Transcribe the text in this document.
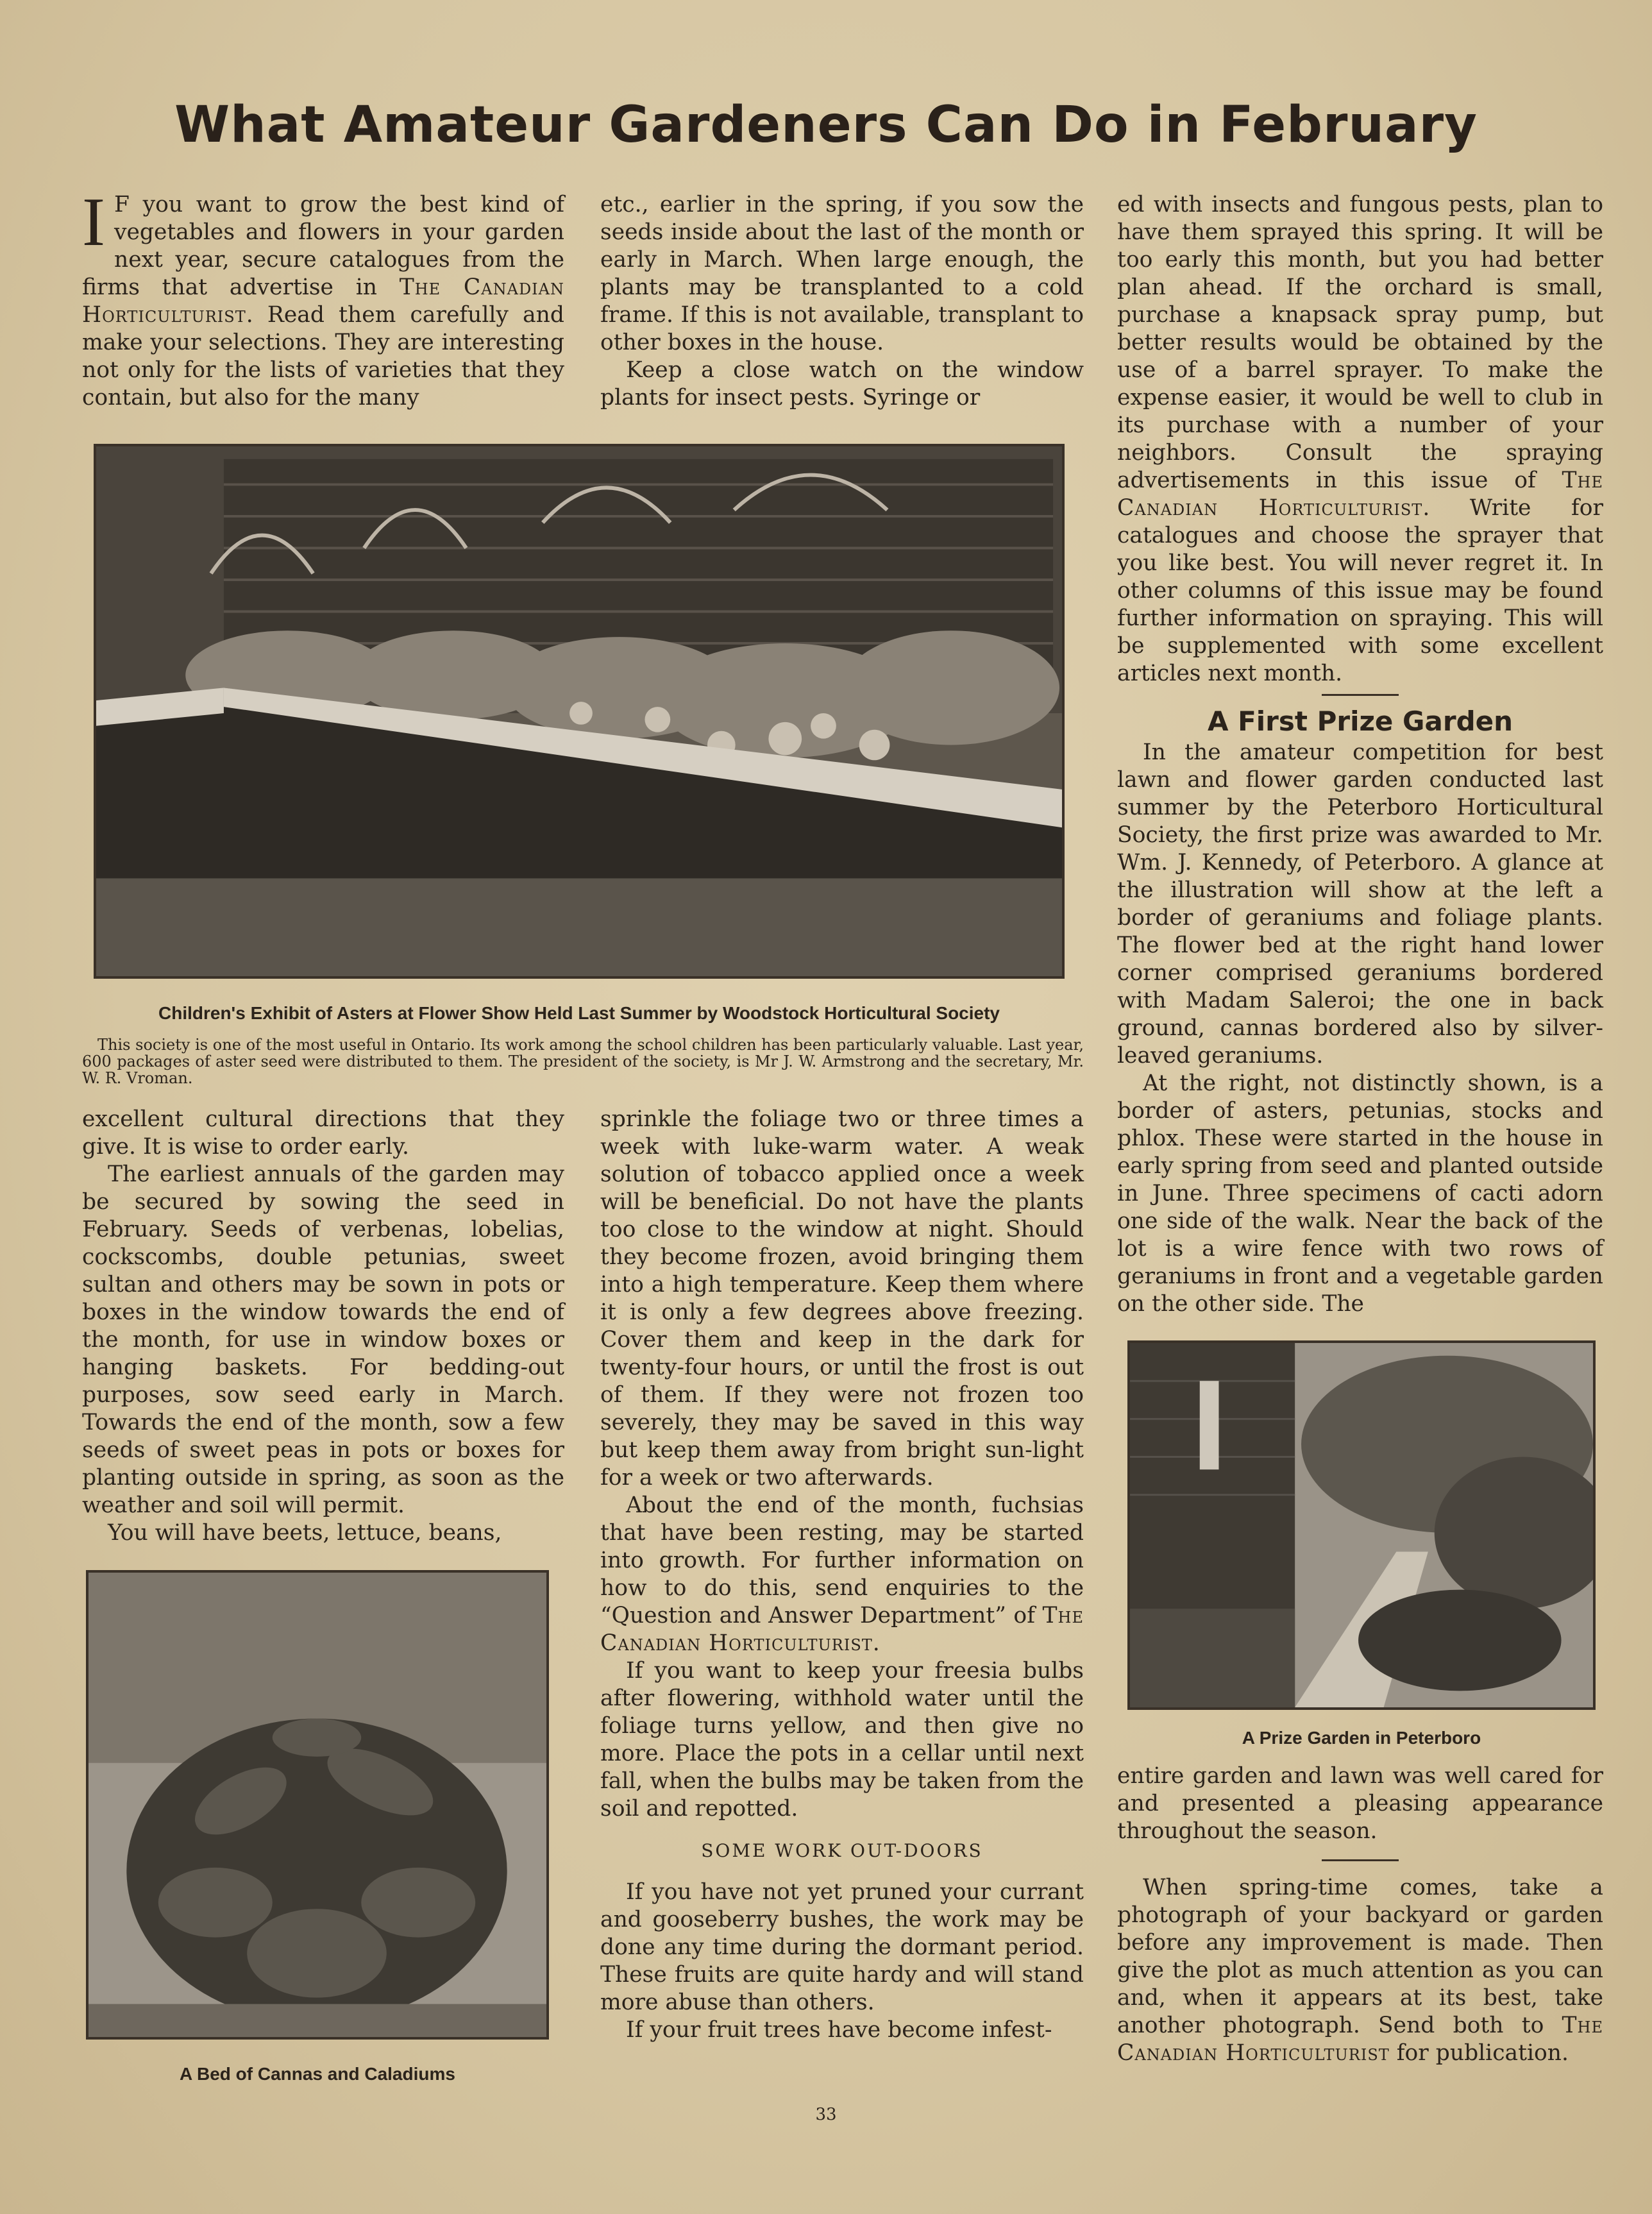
What Amateur Gardeners Can Do in February

I F you want to grow the best kind of vegetables and flowers in your garden next year, secure catalogues from the firms that advertise in The Canadian Horticulturist. Read them carefully and make your selections. They are interesting not only for the lists of varieties that they contain, but also for the many

etc., earlier in the spring, if you sow the seeds inside about the last of the month or early in March. When large enough, the plants may be transplanted to a cold frame. If this is not available, transplant to other boxes in the house.

Keep a close watch on the window plants for insect pests. Syringe or

ed with insects and fungous pests, plan to have them sprayed this spring. It will be too early this month, but you had better plan ahead. If the orchard is small, purchase a knapsack spray pump, but better results would be obtained by the use of a barrel sprayer. To make the expense easier, it would be well to club in its purchase with a number of your neighbors. Consult the spraying advertisements in this issue of The Canadian Horticulturist. Write for catalogues and choose the sprayer that you like best. You will never regret it. In other columns of this issue may be found further information on spraying. This will be supplemented with some excellent articles next month.

A First Prize Garden

In the amateur competition for best lawn and flower garden conducted last summer by the Peterboro Horticultural Society, the first prize was awarded to Mr. Wm. J. Kennedy, of Peterboro. A glance at the illustration will show at the left a border of geraniums and foliage plants. The flower bed at the right hand lower corner comprised geraniums bordered with Madam Saleroi; the one in back ground, cannas bordered also by silver-leaved geraniums.

At the right, not distinctly shown, is a border of asters, petunias, stocks and phlox. These were started in the house in early spring from seed and planted outside in June. Three specimens of cacti adorn one side of the walk. Near the back of the lot is a wire fence with two rows of geraniums in front and a vegetable garden on the other side. The

entire garden and lawn was well cared for and presented a pleasing appearance throughout the season.

When spring-time comes, take a photograph of your backyard or garden before any improvement is made. Then give the plot as much attention as you can and, when it appears at its best, take another photograph. Send both to The Canadian Horticulturist for publication.

Children's Exhibit of Asters at Flower Show Held Last Summer by Woodstock Horticultural Society

This society is one of the most useful in Ontario. Its work among the school children has been particularly valuable. Last year, 600 packages of aster seed were distributed to them. The president of the society, is Mr J. W. Armstrong and the secretary, Mr. W. R. Vroman.

excellent cultural directions that they give. It is wise to order early.

The earliest annuals of the garden may be secured by sowing the seed in February. Seeds of verbenas, lobelias, cockscombs, double petunias, sweet sultan and others may be sown in pots or boxes in the window towards the end of the month, for use in window boxes or hanging baskets. For bedding-out purposes, sow seed early in March. Towards the end of the month, sow a few seeds of sweet peas in pots or boxes for planting outside in spring, as soon as the weather and soil will permit.

You will have beets, lettuce, beans,

sprinkle the foliage two or three times a week with luke-warm water. A weak solution of tobacco applied once a week will be beneficial. Do not have the plants too close to the window at night. Should they become frozen, avoid bringing them into a high temperature. Keep them where it is only a few degrees above freezing. Cover them and keep in the dark for twenty-four hours, or until the frost is out of them. If they were not frozen too severely, they may be saved in this way but keep them away from bright sun-light for a week or two afterwards.

About the end of the month, fuchsias that have been resting, may be started into growth. For further information on how to do this, send enquiries to the “Question and Answer Department” of The Canadian Horticulturist.

If you want to keep your freesia bulbs after flowering, withhold water until the foliage turns yellow, and then give no more. Place the pots in a cellar until next fall, when the bulbs may be taken from the soil and repotted.

SOME WORK OUT-DOORS

If you have not yet pruned your currant and gooseberry bushes, the work may be done any time during the dormant period. These fruits are quite hardy and will stand more abuse than others.

If your fruit trees have become infest-

A Bed of Cannas and Caladiums
A Prize Garden in Peterboro
33
